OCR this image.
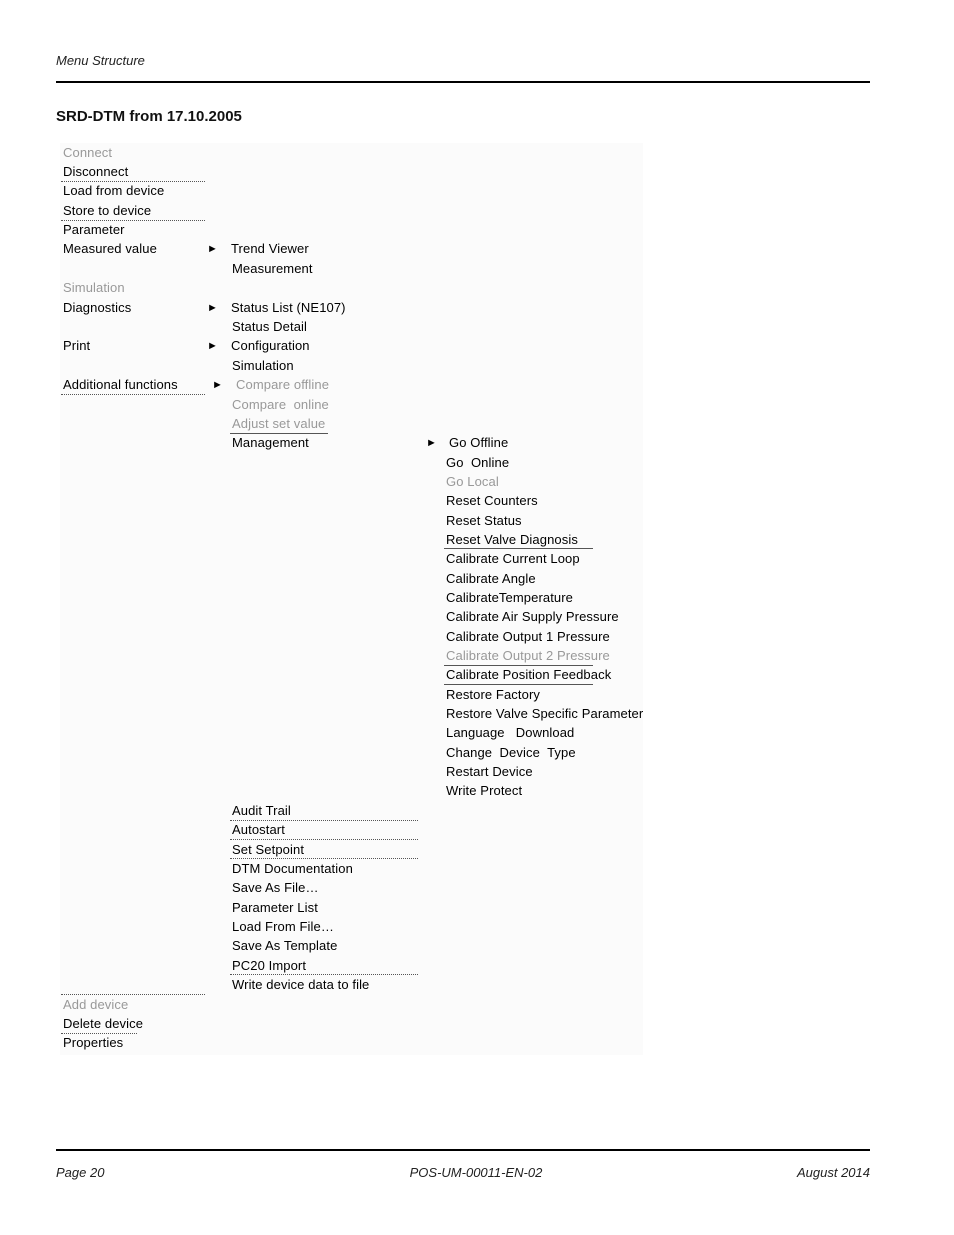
Menu Structure
SRD-DTM from 17.10.2005
Connect
Disconnect
Load from device
Store to device
Parameter
Measured value	►
Simulation
Diagnostics	►
Print	►
Additional functions	►
Add device
Delete device
Properties
Trend Viewer
Measurement
Status List (NE107)
Status Detail
Configuration
Simulation
Compare offline
Compare  online
Adjust set value
Management	►
Audit Trail
Autostart
Set Setpoint
DTM Documentation
Save As File…
Parameter List
Load From File…
Save As Template
PC20 Import
Write device data to file
Go Offline
Go  Online
Go Local
Reset Counters
Reset Status
Reset Valve Diagnosis
Calibrate Current Loop
Calibrate Angle
CalibrateTemperature
Calibrate Air Supply Pressure
Calibrate Output 1 Pressure
Calibrate Output 2 Pressure
Calibrate Position Feedback
Restore Factory
Restore Valve Specific Parameter
Language   Download
Change  Device  Type
Restart Device
Write Protect
Page 20	POS-UM-00011-EN-02	August 2014
